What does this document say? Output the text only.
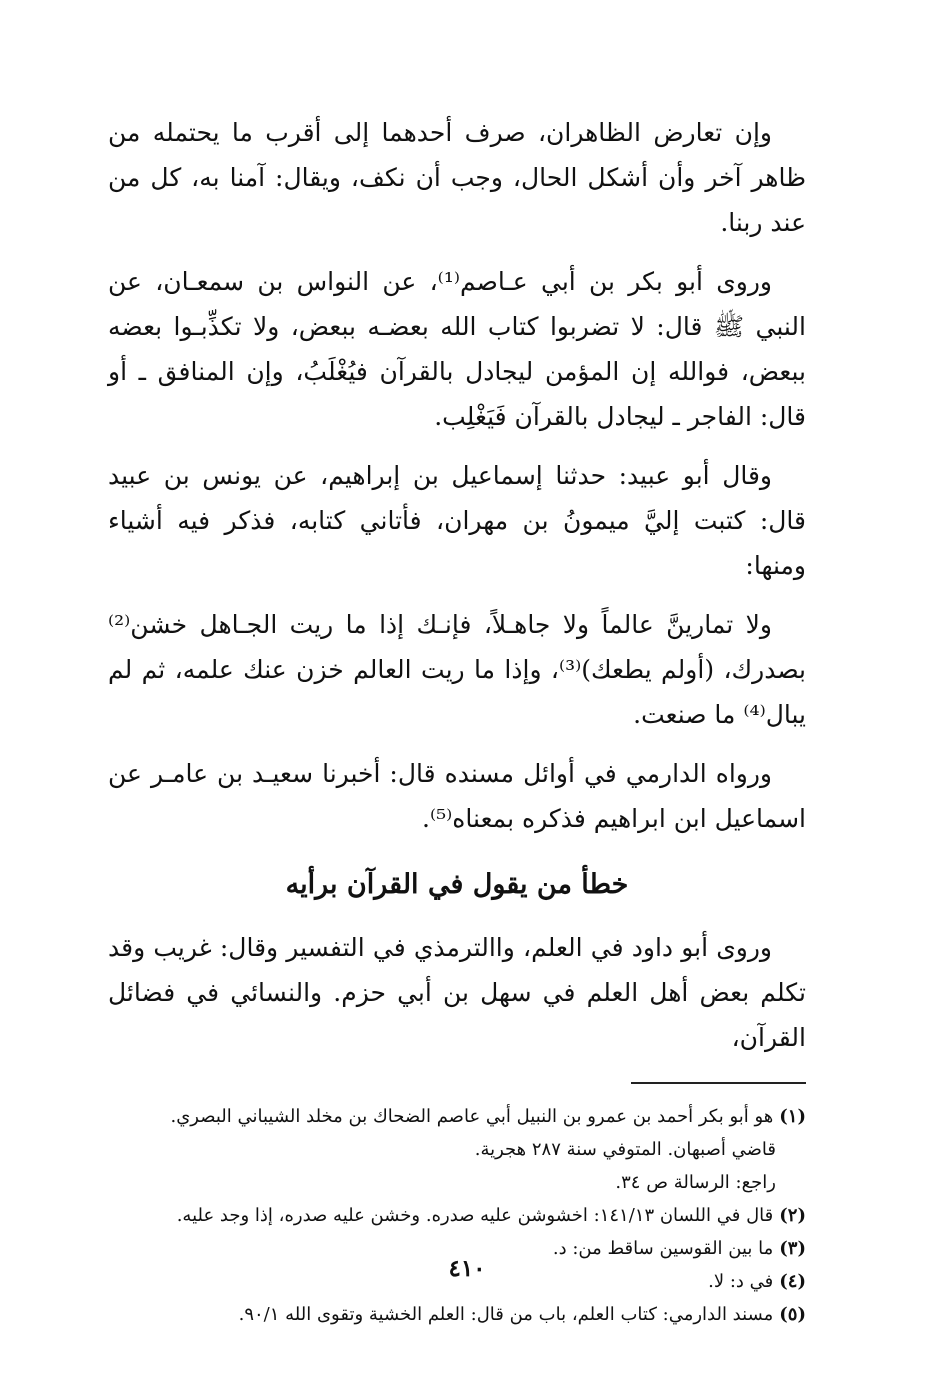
وإن تعارض الظاهران، صرف أحدهما إلى أقرب ما يحتمله من ظاهر آخر وأن أشكل الحال، وجب أن نكف، ويقال: آمنا به، كل من عند ربنا.

وروى أبو بكر بن أبي عـاصم⁽¹⁾، عن النواس بن سمعـان، عن النبي ﷺ قال: لا تضربوا كتاب الله بعضـه ببعض، ولا تكذِّبـوا بعضه ببعض، فوالله إن المؤمن ليجادل بالقرآن فيُغْلَبُ، وإن المنافق ـ أو قال: الفاجر ـ ليجادل بالقرآن فَيَغْلِب.

وقال أبو عبيد: حدثنا إسماعيل بن إبراهيم، عن يونس بن عبيد قال: كتبت إليَّ ميمونُ بن مهران، فأتاني كتابه، فذكر فيه أشياء ومنها:

ولا تمارينَّ عالماً ولا جاهـلاً، فإنـك إذا ما ريت الجـاهل خشن⁽²⁾ بصدرك، (أولم يطعك)⁽³⁾، وإذا ما ريت العالم خزن عنك علمه، ثم لم يبال⁽⁴⁾ ما صنعت.

ورواه الدارمي في أوائل مسنده قال: أخبرنا سعيـد بن عامـر عن اسماعيل ابن ابراهيم فذكره بمعناه⁽⁵⁾.

خطأ من يقول في القرآن برأيه

وروى أبو داود في العلم، واالترمذي في التفسير وقال: غريب وقد تكلم بعض أهل العلم في سهل بن أبي حزم. والنسائي في فضائل القرآن،

(١)هو أبو بكر أحمد بن عمرو بن النبيل أبي عاصم الضحاك بن مخلد الشيباني البصري.

قاضي أصبهان. المتوفي سنة ٢٨٧ هجرية.

راجع: الرسالة ص ٣٤.

(٢)قال في اللسان ١٤١/١٣: اخشوشن عليه صدره. وخشن عليه صدره، إذا وجد عليه.

(٣)ما بين القوسين ساقط من: د.

(٤)في د: لا.

(٥)مسند الدارمي: كتاب العلم، باب من قال: العلم الخشية وتقوى الله ٩٠/١.

٤١٠
